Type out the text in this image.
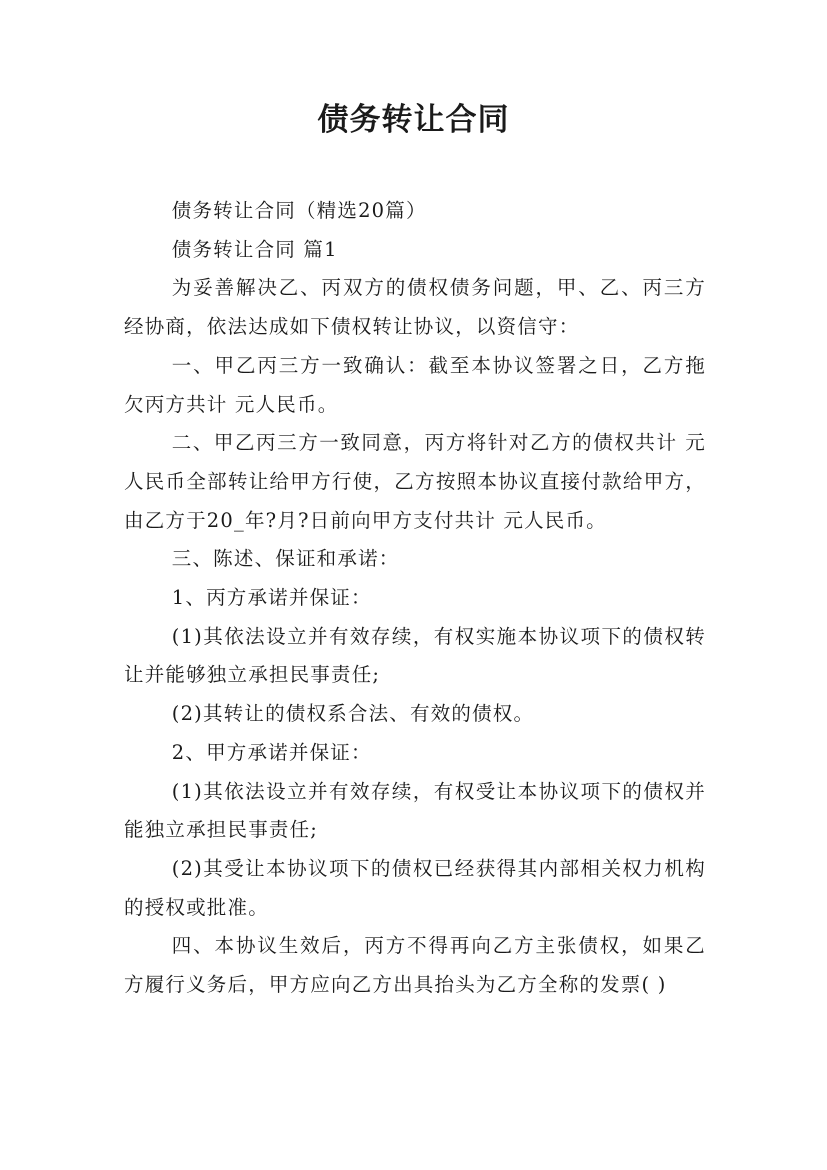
债务转让合同

债务转让合同（精选20篇）

债务转让合同 篇1

为妥善解决乙、丙双方的债权债务问题，甲、乙、丙三方经协商，依法达成如下债权转让协议，以资信守：

一、甲乙丙三方一致确认：截至本协议签署之日，乙方拖欠丙方共计 元人民币。

二、甲乙丙三方一致同意，丙方将针对乙方的债权共计 元人民币全部转让给甲方行使，乙方按照本协议直接付款给甲方，由乙方于20_年?月?日前向甲方支付共计 元人民币。

三、陈述、保证和承诺：

1、丙方承诺并保证：

(1)其依法设立并有效存续，有权实施本协议项下的债权转让并能够独立承担民事责任;

(2)其转让的债权系合法、有效的债权。

2、甲方承诺并保证：

(1)其依法设立并有效存续，有权受让本协议项下的债权并能独立承担民事责任;

(2)其受让本协议项下的债权已经获得其内部相关权力机构的授权或批准。

四、本协议生效后，丙方不得再向乙方主张债权，如果乙方履行义务后，甲方应向乙方出具抬头为乙方全称的发票( )
